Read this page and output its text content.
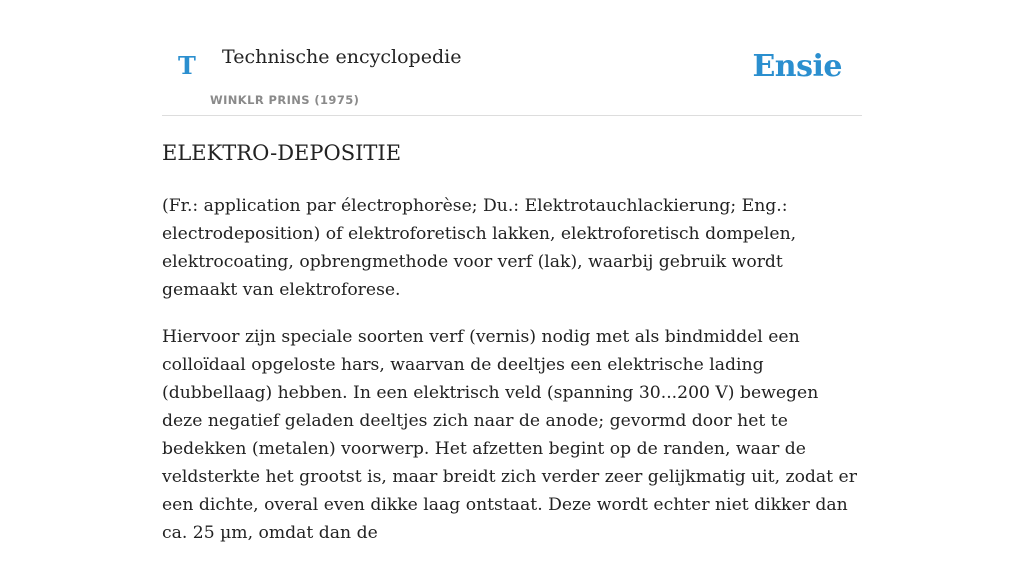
T Technische encyclopedie
WINKLR PRINS (1975)
Ensie
ELEKTRO-DEPOSITIE

(Fr.: application par électrophorèse; Du.: Elektrotauchlackierung; Eng.: electrodeposition) of elektroforetisch lakken, elektroforetisch dompelen, elektrocoating, opbrengmethode voor verf (lak), waarbij gebruik wordt gemaakt van elektroforese.

Hiervoor zijn speciale soorten verf (vernis) nodig met als bindmiddel een colloïdaal opgeloste hars, waarvan de deeltjes een elektrische lading (dubbellaag) hebben. In een elektrisch veld (spanning 30...200 V) bewegen deze negatief geladen deeltjes zich naar de anode; gevormd door het te bedekken (metalen) voorwerp. Het afzetten begint op de randen, waar de veldsterkte het grootst is, maar breidt zich verder zeer gelijkmatig uit, zodat er een dichte, overal even dikke laag ontstaat. Deze wordt echter niet dikker dan ca. 25 µm, omdat dan de
